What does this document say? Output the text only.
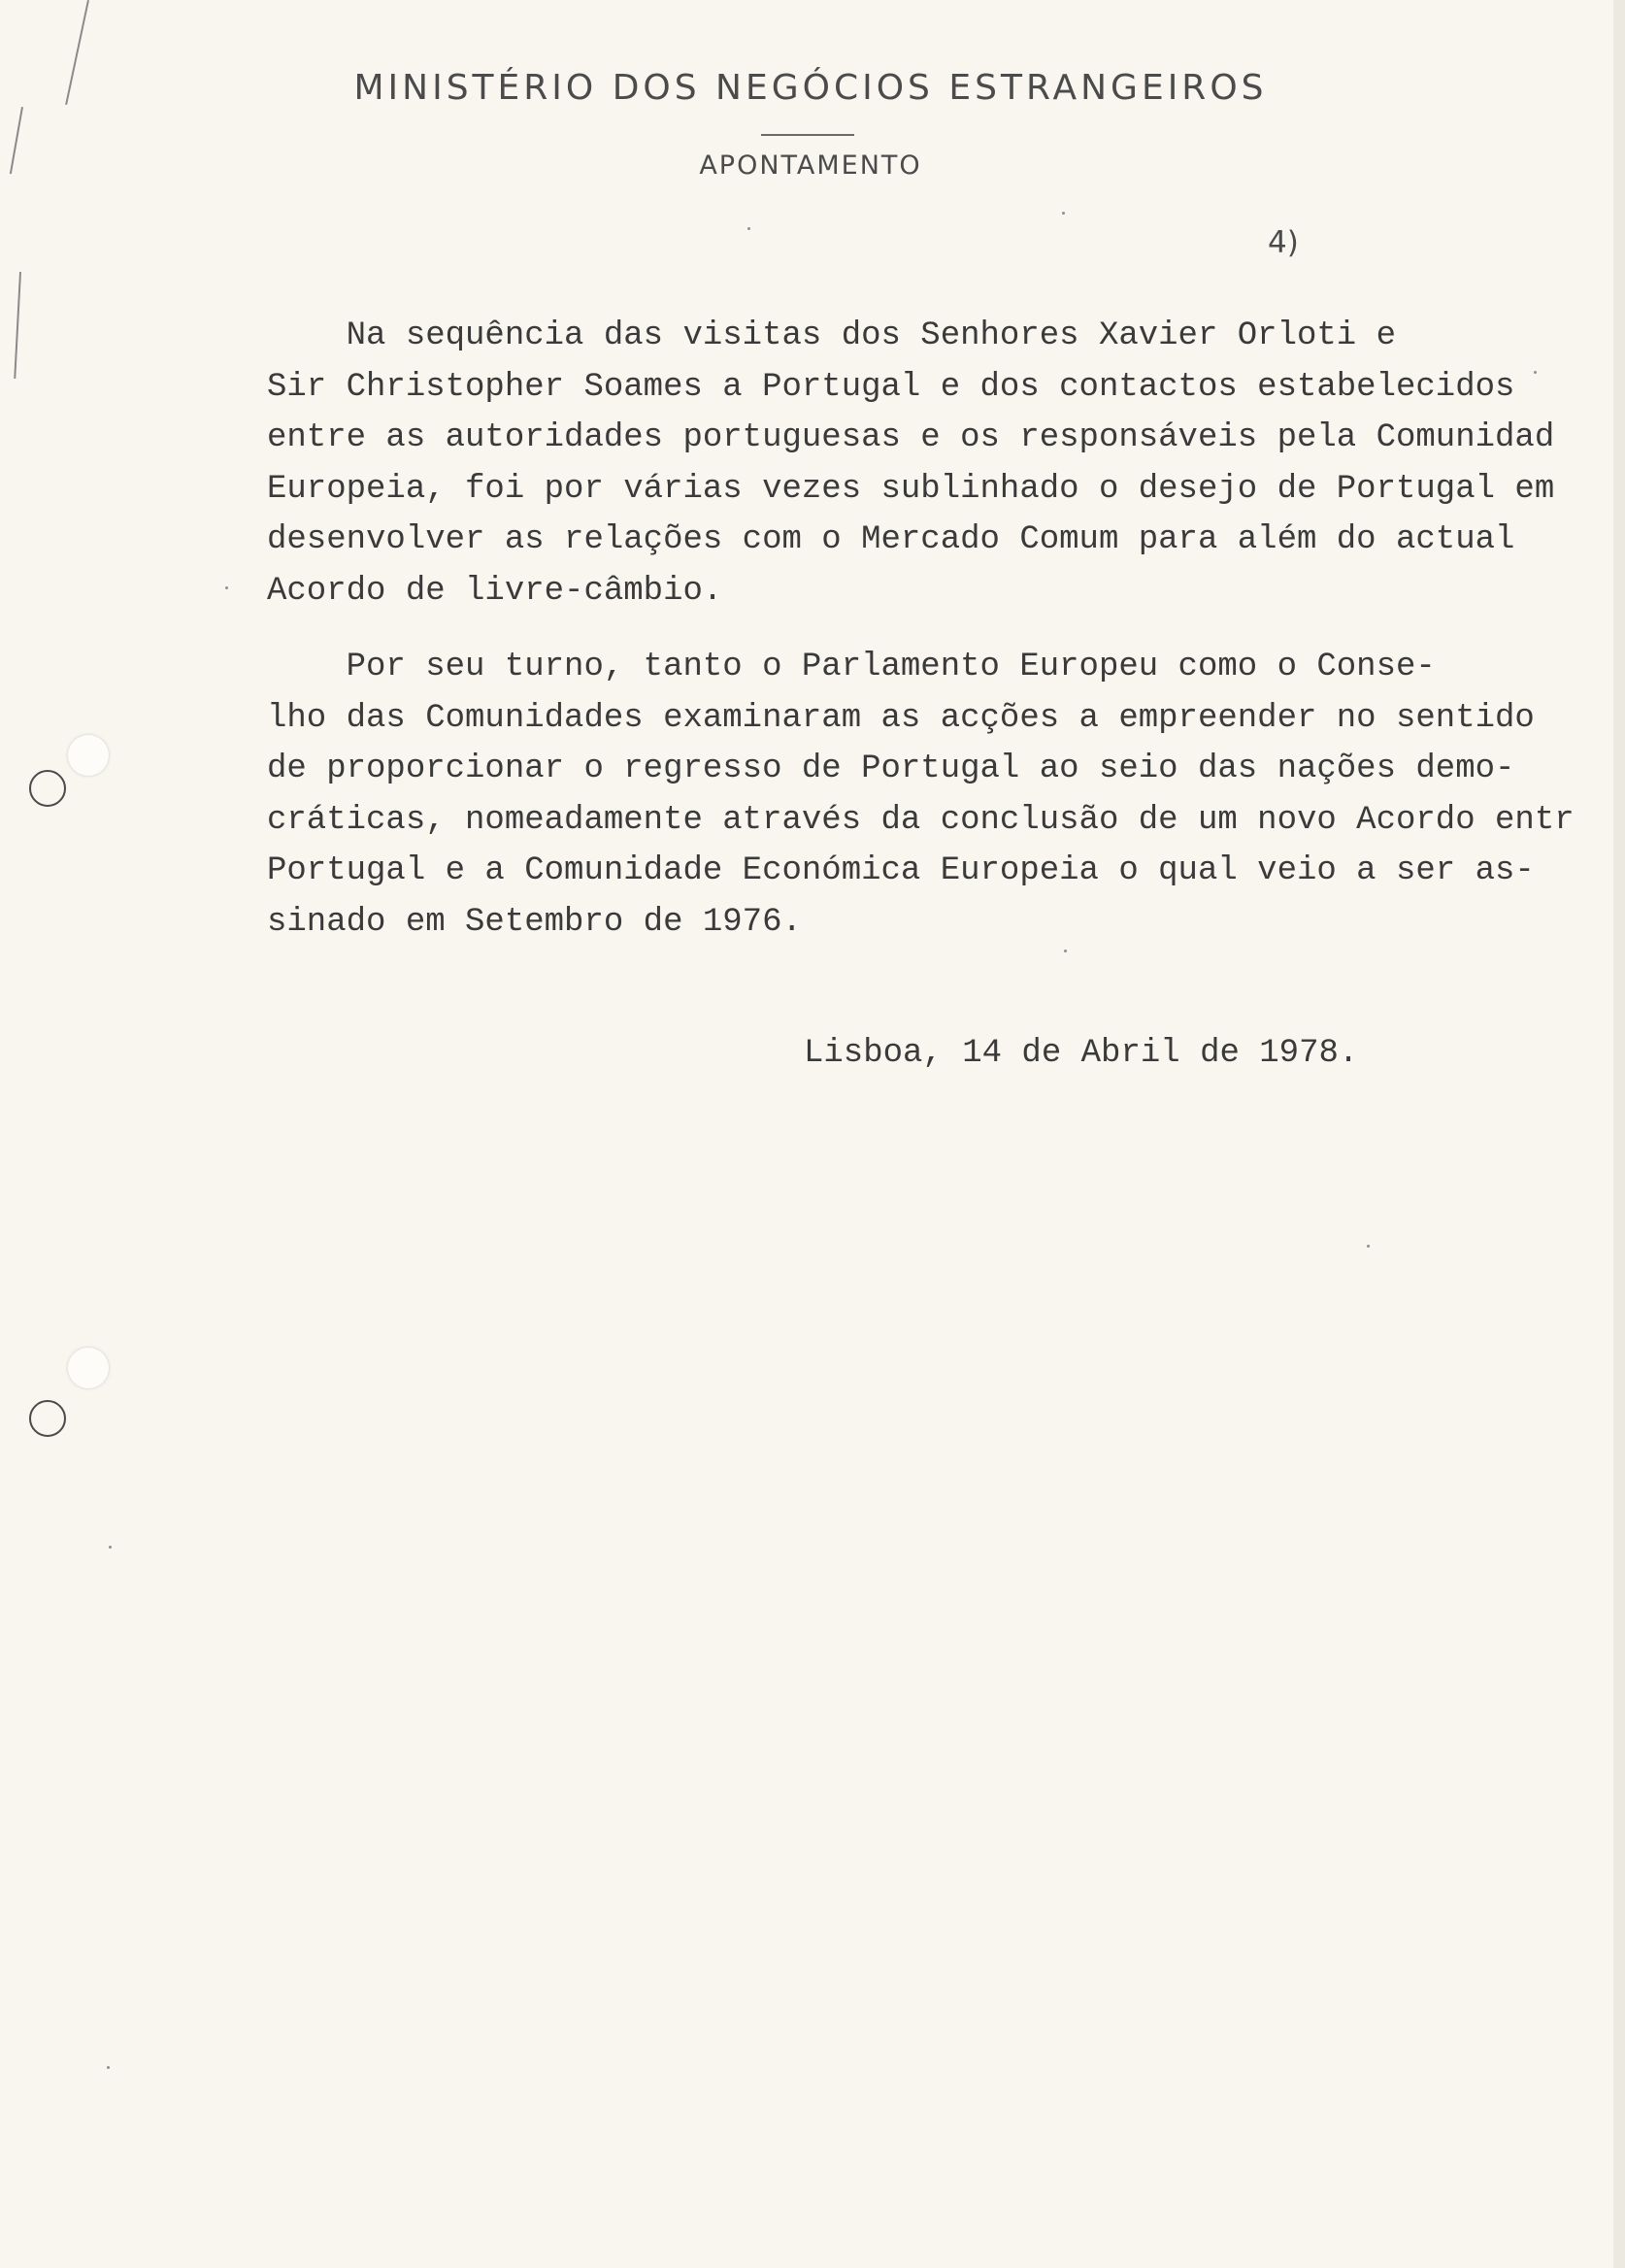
MINISTÉRIO DOS NEGÓCIOS ESTRANGEIROS
APONTAMENTO
4)

Na sequência das visitas dos Senhores Xavier Orloti e
Sir Christopher Soames a Portugal e dos contactos estabelecidos
entre as autoridades portuguesas e os responsáveis pela Comunidad
Europeia, foi por várias vezes sublinhado o desejo de Portugal em
desenvolver as relações com o Mercado Comum para além do actual
Acordo de livre-câmbio.

Por seu turno, tanto o Parlamento Europeu como o Conse-
lho das Comunidades examinaram as acções a empreender no sentido
de proporcionar o regresso de Portugal ao seio das nações demo-
cráticas, nomeadamente através da conclusão de um novo Acordo entr
Portugal e a Comunidade Económica Europeia o qual veio a ser as-
sinado em Setembro de 1976.

Lisboa, 14 de Abril de 1978.
